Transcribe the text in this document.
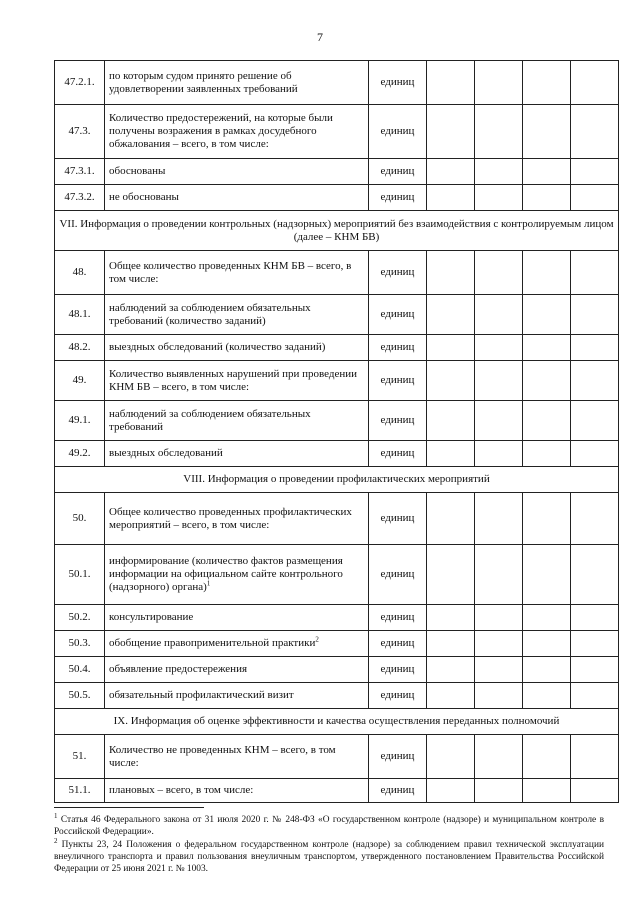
7
47.2.1.	по которым судом принято решение об удовлетворении заявленных требований	единиц				
47.3.	Количество предостережений, на которые были получены возражения в рамках досудебного обжалования – всего, в том числе:	единиц				
47.3.1.	обоснованы	единиц				
47.3.2.	не обоснованы	единиц				
VII. Информация о проведении контрольных (надзорных) мероприятий без взаимодействия с контролируемым лицом (далее – КНМ БВ)						
48.	Общее количество проведенных КНМ БВ – всего, в том числе:	единиц				
48.1.	наблюдений за соблюдением обязательных требований (количество заданий)	единиц				
48.2.	выездных обследований (количество заданий)	единиц				
49.	Количество выявленных нарушений при проведении КНМ БВ – всего, в том числе:	единиц				
49.1.	наблюдений за соблюдением обязательных требований	единиц				
49.2.	выездных обследований	единиц				
VIII. Информация о проведении профилактических мероприятий						
50.	Общее количество проведенных профилактических мероприятий – всего, в том числе:	единиц				
50.1.	информирование (количество фактов размещения информации на официальном сайте контрольного (надзорного) органа)$^1$	единиц				
50.2.	консультирование	единиц				
50.3.	обобщение правоприменительной практики$^2$	единиц				
50.4.	объявление предостережения	единиц				
50.5.	обязательный профилактический визит	единиц				
IX. Информация об оценке эффективности и качества осуществления переданных полномочий						
51.	Количество не проведенных КНМ – всего, в том числе:	единиц				
51.1.	плановых – всего, в том числе:	единиц				

$^1$ Статья 46 Федерального закона от 31 июля 2020 г. № 248-ФЗ «О государственном контроле (надзоре) и муниципальном контроле в Российской Федерации».

$^2$ Пункты 23, 24 Положения о федеральном государственном контроле (надзоре) за соблюдением правил технической эксплуатации внеуличного транспорта и правил пользования внеуличным транспортом, утвержденного постановлением Правительства Российской Федерации от 25 июня 2021 г. № 1003.
